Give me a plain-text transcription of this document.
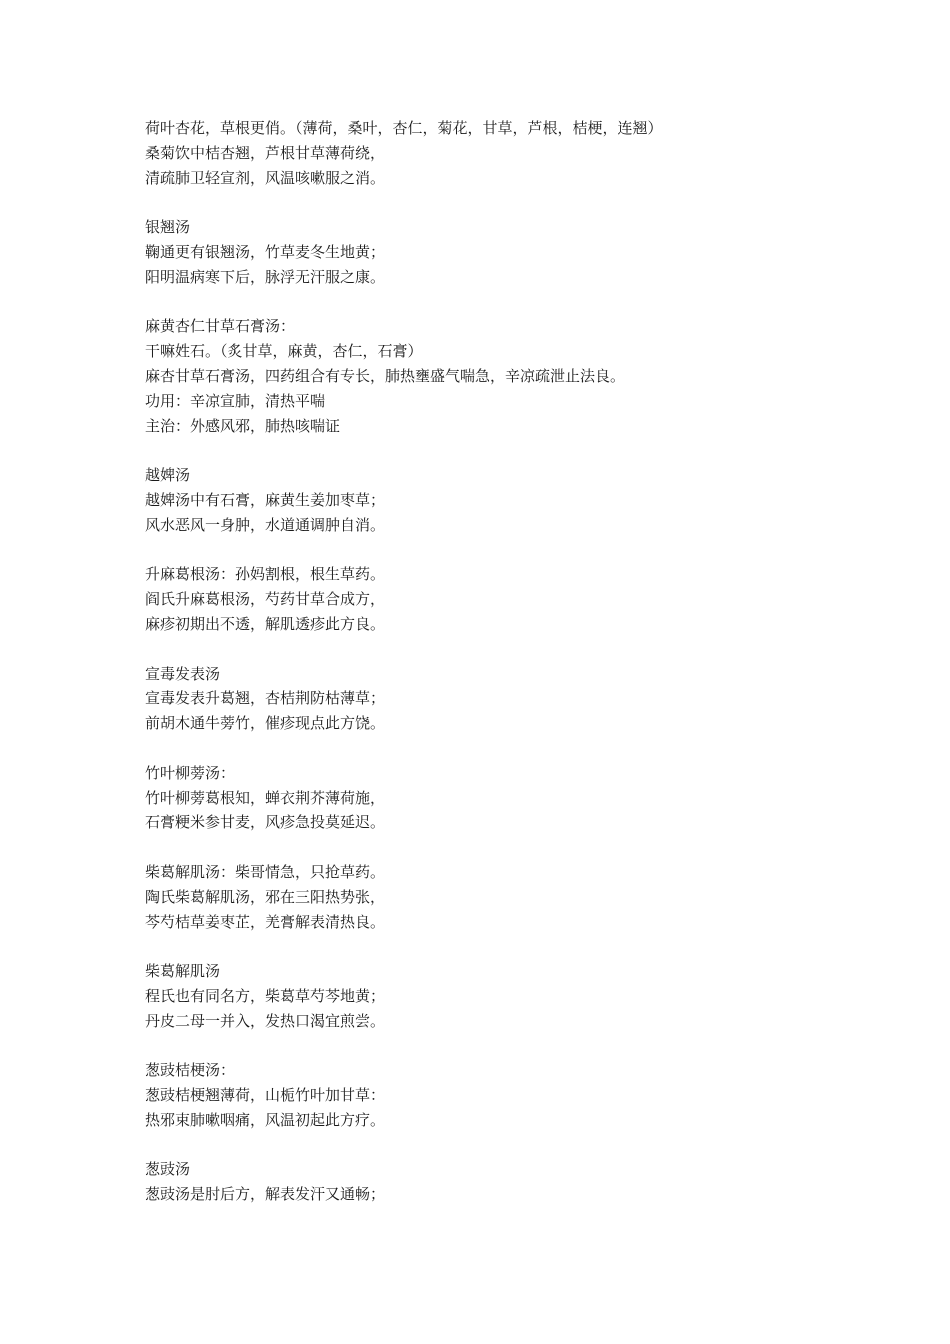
荷叶杏花，草根更俏。（薄荷，桑叶，杏仁，菊花，甘草，芦根，桔梗，连翘）
桑菊饮中桔杏翘，芦根甘草薄荷绕，
清疏肺卫轻宣剂，风温咳嗽服之消。
银翘汤
鞠通更有银翘汤，竹草麦冬生地黄；
阳明温病寒下后，脉浮无汗服之康。
麻黄杏仁甘草石膏汤：
干嘛姓石。（炙甘草，麻黄，杏仁，石膏）
麻杏甘草石膏汤，四药组合有专长，肺热壅盛气喘急，辛凉疏泄止法良。
功用：辛凉宣肺，清热平喘
主治：外感风邪，肺热咳喘证
越婢汤
越婢汤中有石膏，麻黄生姜加枣草；
风水恶风一身肿，水道通调肿自消。
升麻葛根汤：孙妈割根，根生草药。
阎氏升麻葛根汤，芍药甘草合成方，
麻疹初期出不透，解肌透疹此方良。
宣毒发表汤
宣毒发表升葛翘，杏桔荆防枯薄草；
前胡木通牛蒡竹，催疹现点此方饶。
竹叶柳蒡汤：
竹叶柳蒡葛根知，蝉衣荆芥薄荷施，
石膏粳米参甘麦，风疹急投莫延迟。
柴葛解肌汤：柴哥情急，只抢草药。
陶氏柴葛解肌汤，邪在三阳热势张，
芩芍桔草姜枣芷，羌膏解表清热良。
柴葛解肌汤
程氏也有同名方，柴葛草芍芩地黄；
丹皮二母一并入，发热口渴宜煎尝。
葱豉桔梗汤：
葱豉桔梗翘薄荷，山栀竹叶加甘草：
热邪束肺嗽咽痛，风温初起此方疗。
葱豉汤
葱豉汤是肘后方，解表发汗又通畅；
